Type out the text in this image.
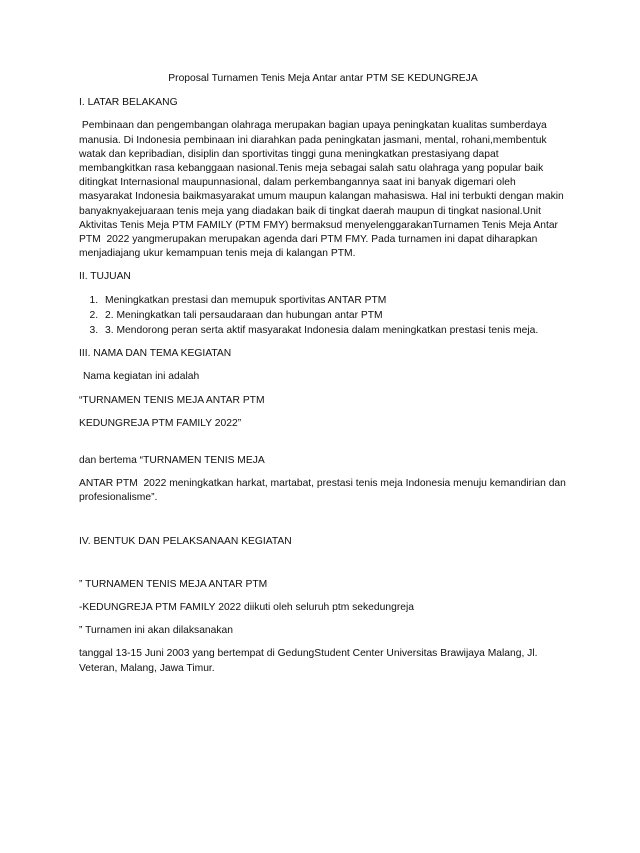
Proposal Turnamen Tenis Meja Antar antar PTM SE KEDUNGREJA

I. LATAR BELAKANG

Pembinaan dan pengembangan olahraga merupakan bagian upaya peningkatan kualitas sumberdaya manusia. Di Indonesia pembinaan ini diarahkan pada peningkatan jasmani, mental, rohani,membentuk watak dan kepribadian, disiplin dan sportivitas tinggi guna meningkatkan prestasiyang dapat membangkitkan rasa kebanggaan nasional.Tenis meja sebagai salah satu olahraga yang popular baik ditingkat Internasional maupunnasional, dalam perkembangannya saat ini banyak digemari oleh masyarakat Indonesia baikmasyarakat umum maupun kalangan mahasiswa. Hal ini terbukti dengan makin banyaknyakejuaraan tenis meja yang diadakan baik di tingkat daerah maupun di tingkat nasional.Unit Aktivitas Tenis Meja PTM FAMILY (PTM FMY) bermaksud menyelenggarakanTurnamen Tenis Meja Antar PTM  2022 yangmerupakan merupakan agenda dari PTM FMY. Pada turnamen ini dapat diharapkan menjadiajang ukur kemampuan tenis meja di kalangan PTM.

II. TUJUAN

1. Meningkatkan prestasi dan memupuk sportivitas ANTAR PTM
2. 2. Meningkatkan tali persaudaraan dan hubungan antar PTM
3. 3. Mendorong peran serta aktif masyarakat Indonesia dalam meningkatkan prestasi tenis meja.

III. NAMA DAN TEMA KEGIATAN

Nama kegiatan ini adalah

“TURNAMEN TENIS MEJA ANTAR PTM

KEDUNGREJA PTM FAMILY 2022”

dan bertema “TURNAMEN TENIS MEJA

ANTAR PTM  2022 meningkatkan harkat, martabat, prestasi tenis meja Indonesia menuju kemandirian dan profesionalisme”.

IV. BENTUK DAN PELAKSANAAN KEGIATAN

” TURNAMEN TENIS MEJA ANTAR PTM

-KEDUNGREJA PTM FAMILY 2022 diikuti oleh seluruh ptm sekedungreja

” Turnamen ini akan dilaksanakan

tanggal 13-15 Juni 2003 yang bertempat di GedungStudent Center Universitas Brawijaya Malang, Jl. Veteran, Malang, Jawa Timur.
